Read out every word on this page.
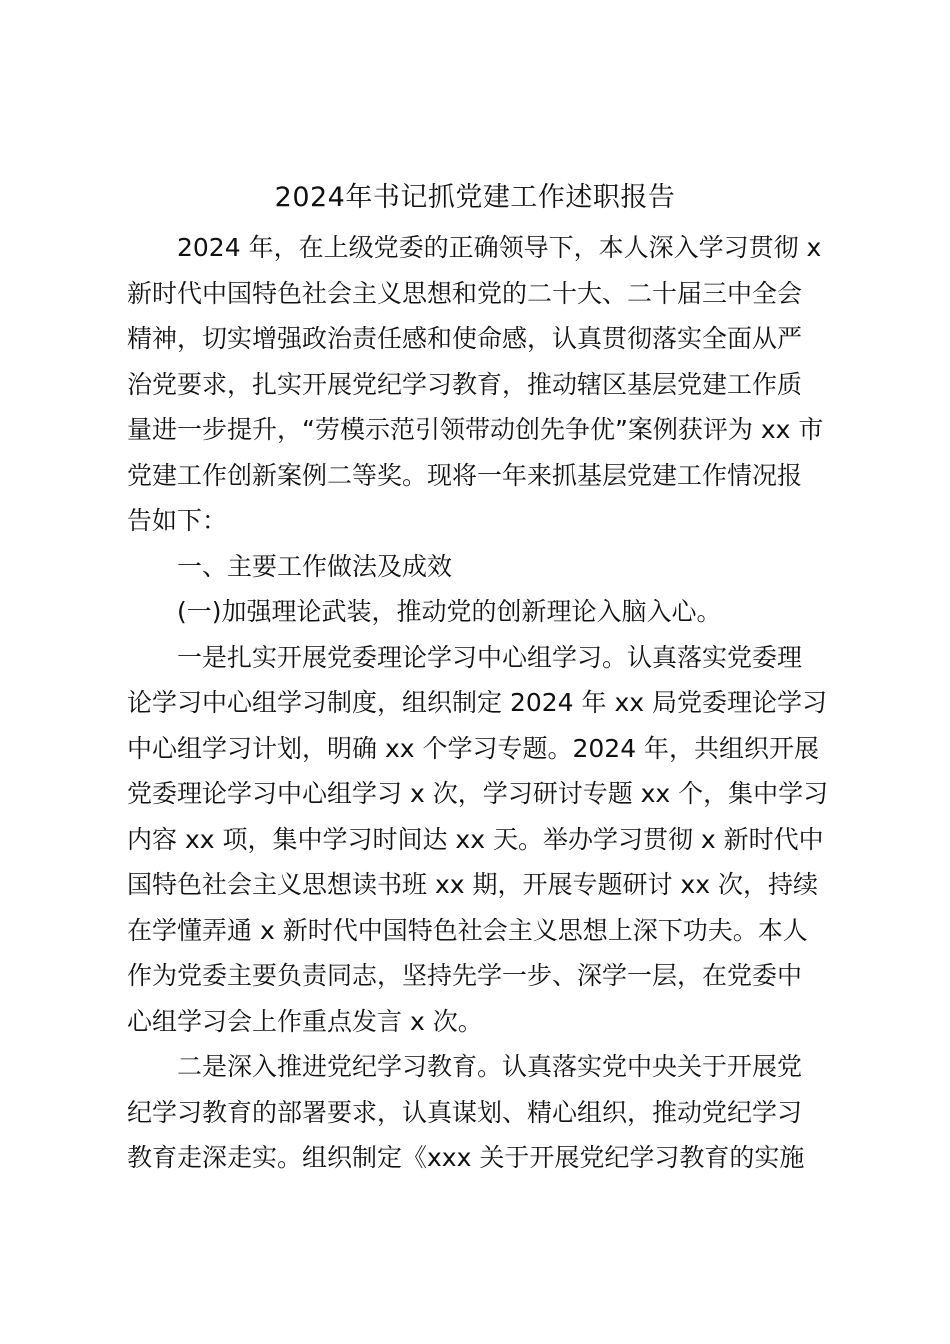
2024年书记抓党建工作述职报告
2024 年，在上级党委的正确领导下，本人深入学习贯彻 x
新时代中国特色社会主义思想和党的二十大、二十届三中全会
精神，切实增强政治责任感和使命感，认真贯彻落实全面从严
治党要求，扎实开展党纪学习教育，推动辖区基层党建工作质
量进一步提升，“劳模示范引领带动创先争优”案例获评为 xx 市
党建工作创新案例二等奖。现将一年来抓基层党建工作情况报
告如下：
一、主要工作做法及成效
(一)加强理论武装，推动党的创新理论入脑入心。
一是扎实开展党委理论学习中心组学习。认真落实党委理
论学习中心组学习制度，组织制定 2024 年 xx 局党委理论学习
中心组学习计划，明确 xx 个学习专题。2024 年，共组织开展
党委理论学习中心组学习 x 次，学习研讨专题 xx 个，集中学习
内容 xx 项，集中学习时间达 xx 天。举办学习贯彻 x 新时代中
国特色社会主义思想读书班 xx 期，开展专题研讨 xx 次，持续
在学懂弄通 x 新时代中国特色社会主义思想上深下功夫。本人
作为党委主要负责同志，坚持先学一步、深学一层，在党委中
心组学习会上作重点发言 x 次。
二是深入推进党纪学习教育。认真落实党中央关于开展党
纪学习教育的部署要求，认真谋划、精心组织，推动党纪学习
教育走深走实。组织制定《xxx 关于开展党纪学习教育的实施
